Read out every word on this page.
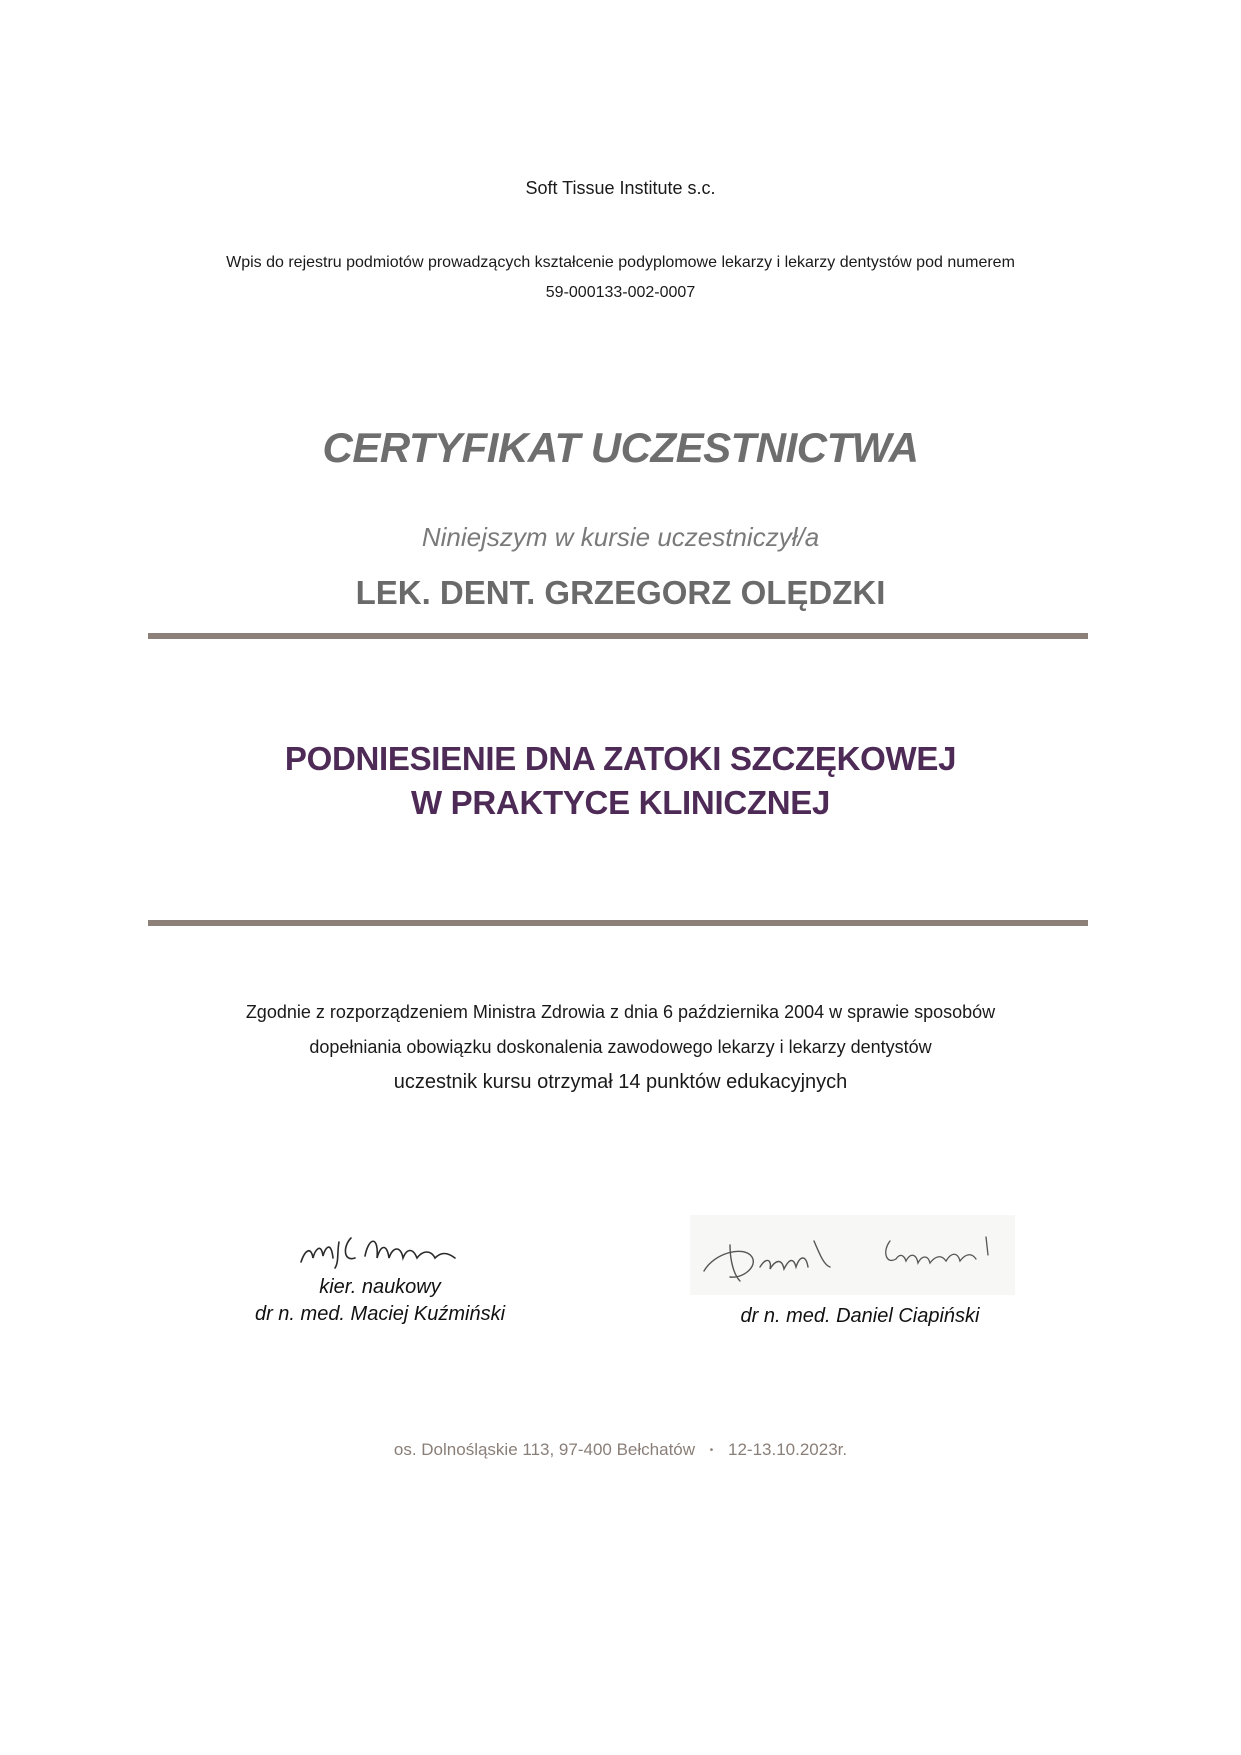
Soft Tissue Institute s.c.
Wpis do rejestru podmiotów prowadzących kształcenie podyplomowe lekarzy i lekarzy dentystów pod numerem
59-000133-002-0007
CERTYFIKAT UCZESTNICTWA
Niniejszym w kursie uczestniczył/a
LEK. DENT. GRZEGORZ OLĘDZKI
PODNIESIENIE DNA ZATOKI SZCZĘKOWEJ
W PRAKTYCE KLINICZNEJ
Zgodnie z rozporządzeniem Ministra Zdrowia z dnia 6 października 2004 w sprawie sposobów
dopełniania obowiązku doskonalenia zawodowego lekarzy i lekarzy dentystów
uczestnik kursu otrzymał 14 punktów edukacyjnych
kier. naukowy
dr n. med. Maciej Kuźmiński	dr n. med. Daniel Ciapiński
os. Dolnośląskie 113, 97-400 Bełchatów • 12-13.10.2023r.
